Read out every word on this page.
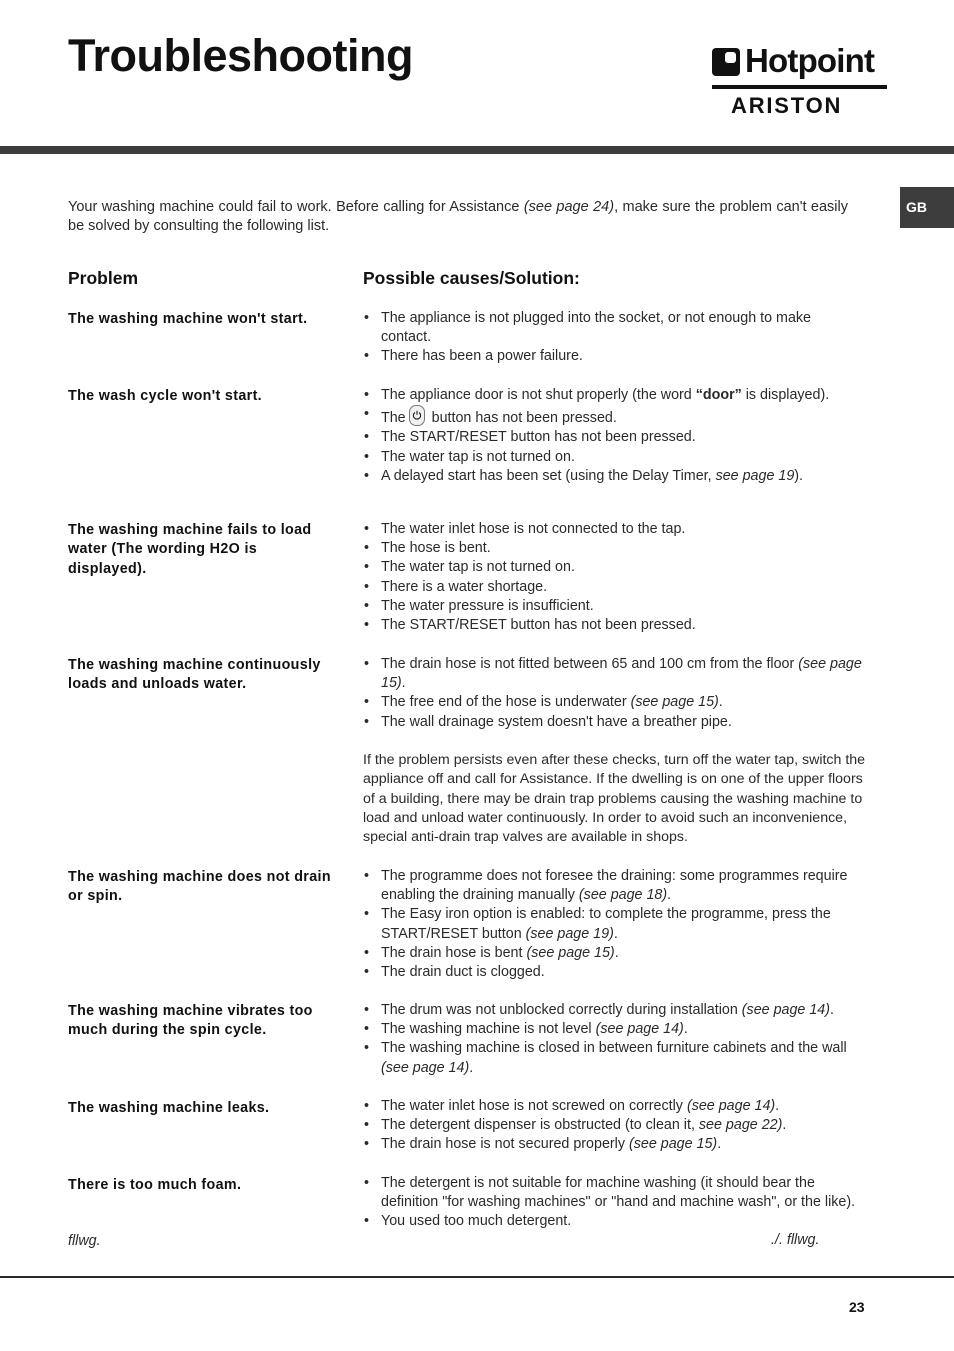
Troubleshooting	Hotpoint
ARISTON
GB
Your washing machine could fail to work. Before calling for Assistance (see page 24), make sure the problem can't easily be solved by consulting the following list.
Problem	Possible causes/Solution:
The washing machine won't start.	• The appliance is not plugged into the socket, or not enough to make contact.
• There has been a power failure.
The wash cycle won't start.	• The appliance door is not shut properly (the word “door” is displayed).
• The
button has not been pressed.
• The START/RESET button has not been pressed.
• The water tap is not turned on.
• A delayed start has been set (using the Delay Timer, see page 19).
The washing machine fails to load water (The wording H2O is displayed).
• The water inlet hose is not connected to the tap.
• The hose is bent.
• The water tap is not turned on.
• There is a water shortage.
• The water pressure is insufficient.
• The START/RESET button has not been pressed.
The washing machine continuously loads and unloads water.
• The drain hose is not fitted between 65 and 100 cm from the floor (see page 15).
• The free end of the hose is underwater (see page 15).
• The wall drainage system doesn't have a breather pipe.
If the problem persists even after these checks, turn off the water tap, switch the appliance off and call for Assistance. If the dwelling is on one of the upper floors of a building, there may be drain trap problems causing the washing machine to load and unload water continuously. In order to avoid such an inconvenience, special anti-drain trap valves are available in shops.
The washing machine does not drain or spin.
• The programme does not foresee the draining: some programmes require enabling the draining manually (see page 18).
• The Easy iron option is enabled: to complete the programme, press the START/RESET button (see page 19).
• The drain hose is bent (see page 15).
• The drain duct is clogged.
The washing machine vibrates too much during the spin cycle.
• The drum was not unblocked correctly during installation (see page 14).
• The washing machine is not level (see page 14).
• The washing machine is closed in between furniture cabinets and the wall (see page 14).
The washing machine leaks.	• The water inlet hose is not screwed on correctly (see page 14).
• The detergent dispenser is obstructed (to clean it, see page 22).
• The drain hose is not secured properly (see page 15).
There is too much foam.	• The detergent is not suitable for machine washing (it should bear the definition "for washing machines" or "hand and machine wash", or the like).
• You used too much detergent.
fllwg.	./. fllwg.
23
